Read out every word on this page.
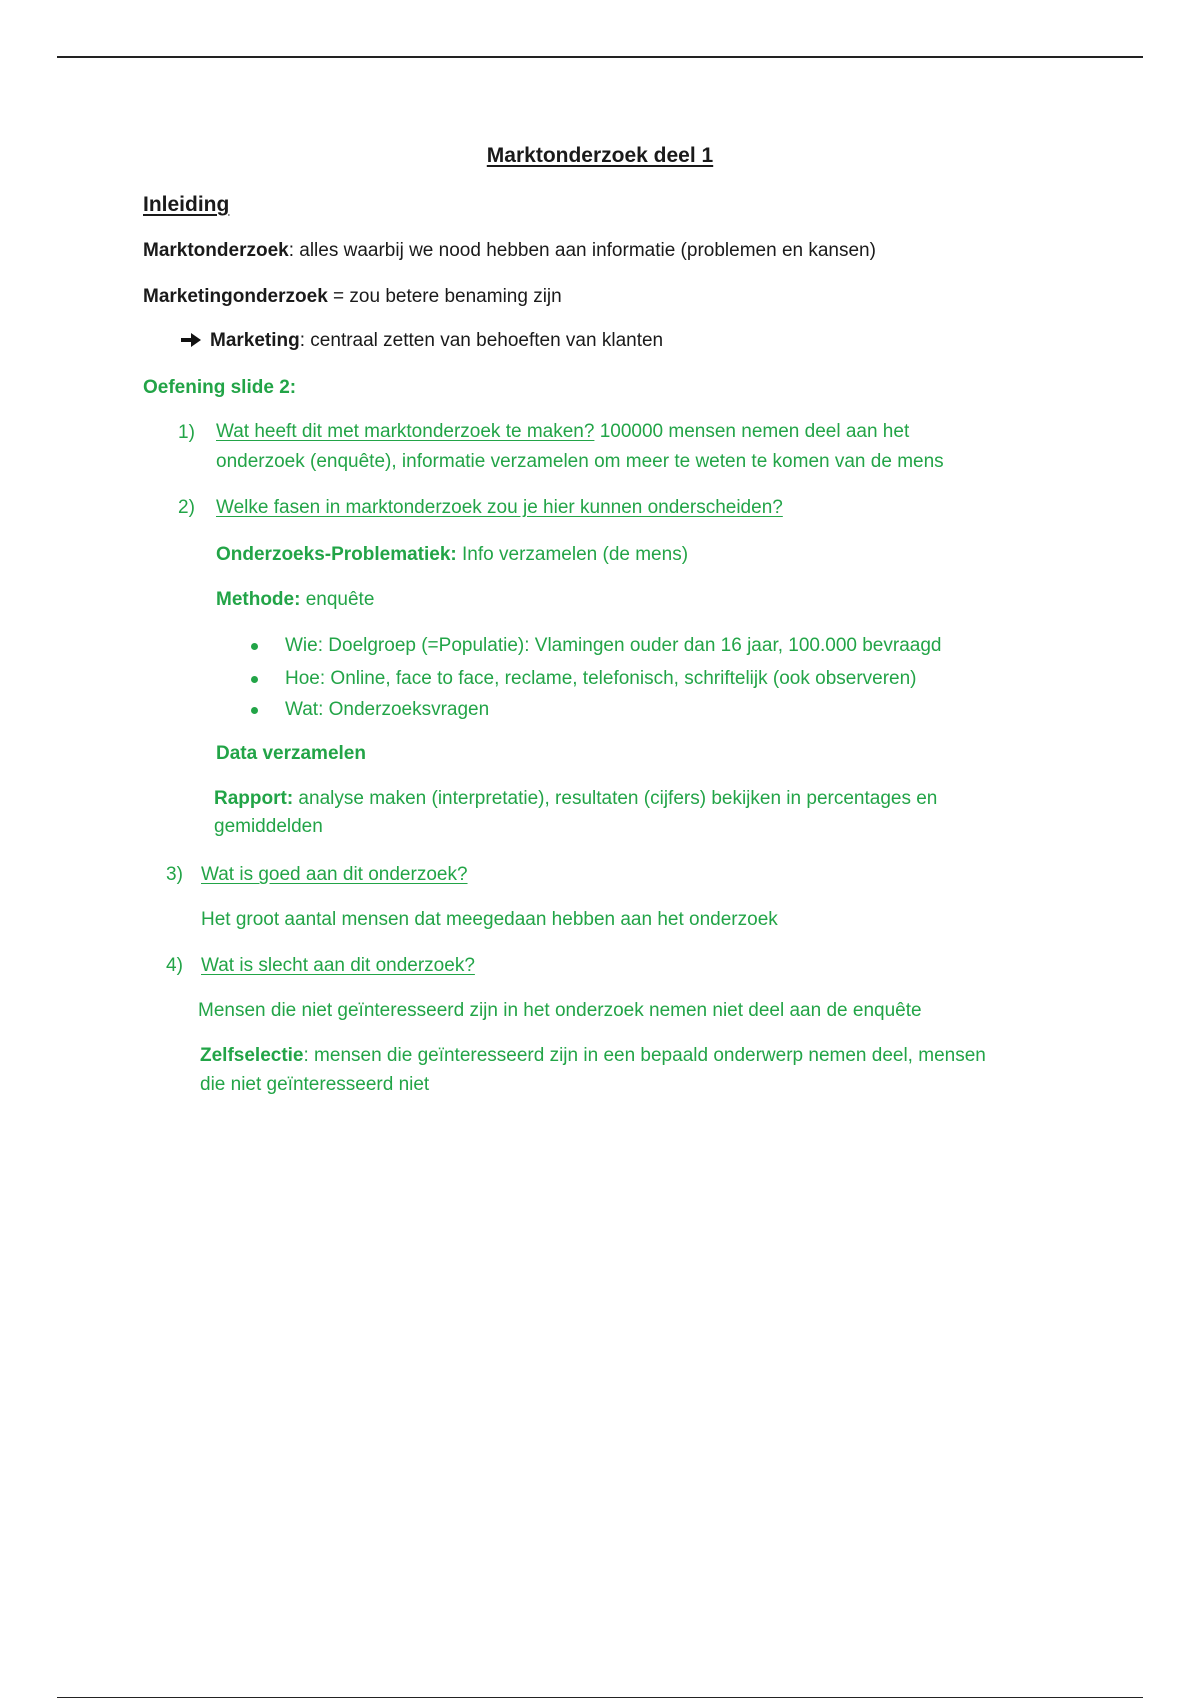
Marktonderzoek deel 1
Inleiding
Marktonderzoek: alles waarbij we nood hebben aan informatie (problemen en kansen)
Marketingonderzoek = zou betere benaming zijn
Marketing: centraal zetten van behoeften van klanten
Oefening slide 2:
1) Wat heeft dit met marktonderzoek te maken? 100000 mensen nemen deel aan het
onderzoek (enquête), informatie verzamelen om meer te weten te komen van de mens
2) Welke fasen in marktonderzoek zou je hier kunnen onderscheiden?
Onderzoeks-Problematiek: Info verzamelen (de mens)
Methode: enquête
Wie: Doelgroep (=Populatie): Vlamingen ouder dan 16 jaar, 100.000 bevraagd
Hoe: Online, face to face, reclame, telefonisch, schriftelijk (ook observeren)
Wat: Onderzoeksvragen
Data verzamelen
Rapport: analyse maken (interpretatie), resultaten (cijfers) bekijken in percentages en
gemiddelden
3) Wat is goed aan dit onderzoek?
Het groot aantal mensen dat meegedaan hebben aan het onderzoek
4) Wat is slecht aan dit onderzoek?
Mensen die niet geïnteresseerd zijn in het onderzoek nemen niet deel aan de enquête
Zelfselectie: mensen die geïnteresseerd zijn in een bepaald onderwerp nemen deel, mensen
die niet geïnteresseerd niet
